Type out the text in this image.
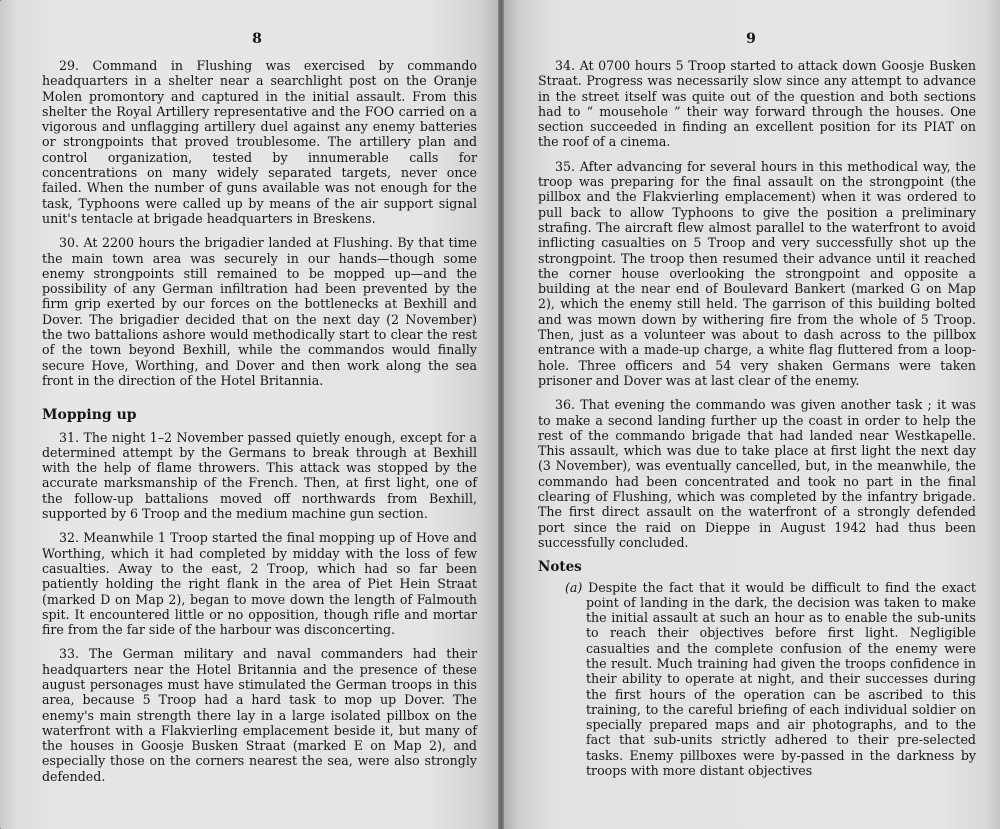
8

29. Command in Flushing was exercised by commando headquarters in a shelter near a searchlight post on the Oranje Molen promontory and captured in the initial assault. From this shelter the Royal Artillery representative and the FOO carried on a vigorous and unflagging artillery duel against any enemy batteries or strongpoints that proved troublesome. The artillery plan and control organization, tested by innumerable calls for concentrations on many widely separated targets, never once failed. When the number of guns available was not enough for the task, Typhoons were called up by means of the air support signal unit's tentacle at brigade headquarters in Breskens.

30. At 2200 hours the brigadier landed at Flushing. By that time the main town area was securely in our hands—though some enemy strongpoints still remained to be mopped up—and the possibility of any German infiltration had been prevented by the firm grip exerted by our forces on the bottlenecks at Bexhill and Dover. The brigadier decided that on the next day (2 November) the two battalions ashore would methodically start to clear the rest of the town beyond Bexhill, while the commandos would finally secure Hove, Worthing, and Dover and then work along the sea front in the direction of the Hotel Britannia.

Mopping up

31. The night 1–2 November passed quietly enough, except for a determined attempt by the Germans to break through at Bexhill with the help of flame throwers. This attack was stopped by the accurate marksmanship of the French. Then, at first light, one of the follow-up battalions moved off northwards from Bexhill, supported by 6 Troop and the medium machine gun section.

32. Meanwhile 1 Troop started the final mopping up of Hove and Worthing, which it had completed by midday with the loss of few casualties. Away to the east, 2 Troop, which had so far been patiently holding the right flank in the area of Piet Hein Straat (marked D on Map 2), began to move down the length of Falmouth spit. It encountered little or no opposition, though rifle and mortar fire from the far side of the harbour was disconcerting.

33. The German military and naval commanders had their headquarters near the Hotel Britannia and the presence of these august personages must have stimulated the German troops in this area, because 5 Troop had a hard task to mop up Dover. The enemy's main strength there lay in a large isolated pillbox on the waterfront with a Flakvierling emplacement beside it, but many of the houses in Goosje Busken Straat (marked E on Map 2), and especially those on the corners nearest the sea, were also strongly defended.

9

34. At 0700 hours 5 Troop started to attack down Goosje Busken Straat. Progress was necessarily slow since any attempt to advance in the street itself was quite out of the question and both sections had to “ mousehole ” their way forward through the houses. One section succeeded in finding an excellent position for its PIAT on the roof of a cinema.

35. After advancing for several hours in this methodical way, the troop was preparing for the final assault on the strongpoint (the pillbox and the Flakvierling emplacement) when it was ordered to pull back to allow Typhoons to give the position a preliminary strafing. The aircraft flew almost parallel to the waterfront to avoid inflicting casualties on 5 Troop and very successfully shot up the strongpoint. The troop then resumed their advance until it reached the corner house overlooking the strongpoint and opposite a building at the near end of Boulevard Bankert (marked G on Map 2), which the enemy still held. The garrison of this building bolted and was mown down by withering fire from the whole of 5 Troop. Then, just as a volunteer was about to dash across to the pillbox entrance with a made-up charge, a white flag fluttered from a loop-hole. Three officers and 54 very shaken Germans were taken prisoner and Dover was at last clear of the enemy.

36. That evening the commando was given another task ; it was to make a second landing further up the coast in order to help the rest of the commando brigade that had landed near Westkapelle. This assault, which was due to take place at first light the next day (3 November), was eventually cancelled, but, in the meanwhile, the commando had been concentrated and took no part in the final clearing of Flushing, which was completed by the infantry brigade. The first direct assault on the waterfront of a strongly defended port since the raid on Dieppe in August 1942 had thus been successfully concluded.

Notes

(a) Despite the fact that it would be difficult to find the exact point of landing in the dark, the decision was taken to make the initial assault at such an hour as to enable the sub-units to reach their objectives before first light. Negligible casualties and the complete confusion of the enemy were the result. Much training had given the troops confidence in their ability to operate at night, and their successes during the first hours of the operation can be ascribed to this training, to the careful briefing of each individual soldier on specially prepared maps and air photographs, and to the fact that sub-units strictly adhered to their pre-selected tasks. Enemy pillboxes were by-passed in the darkness by troops with more distant objectives
